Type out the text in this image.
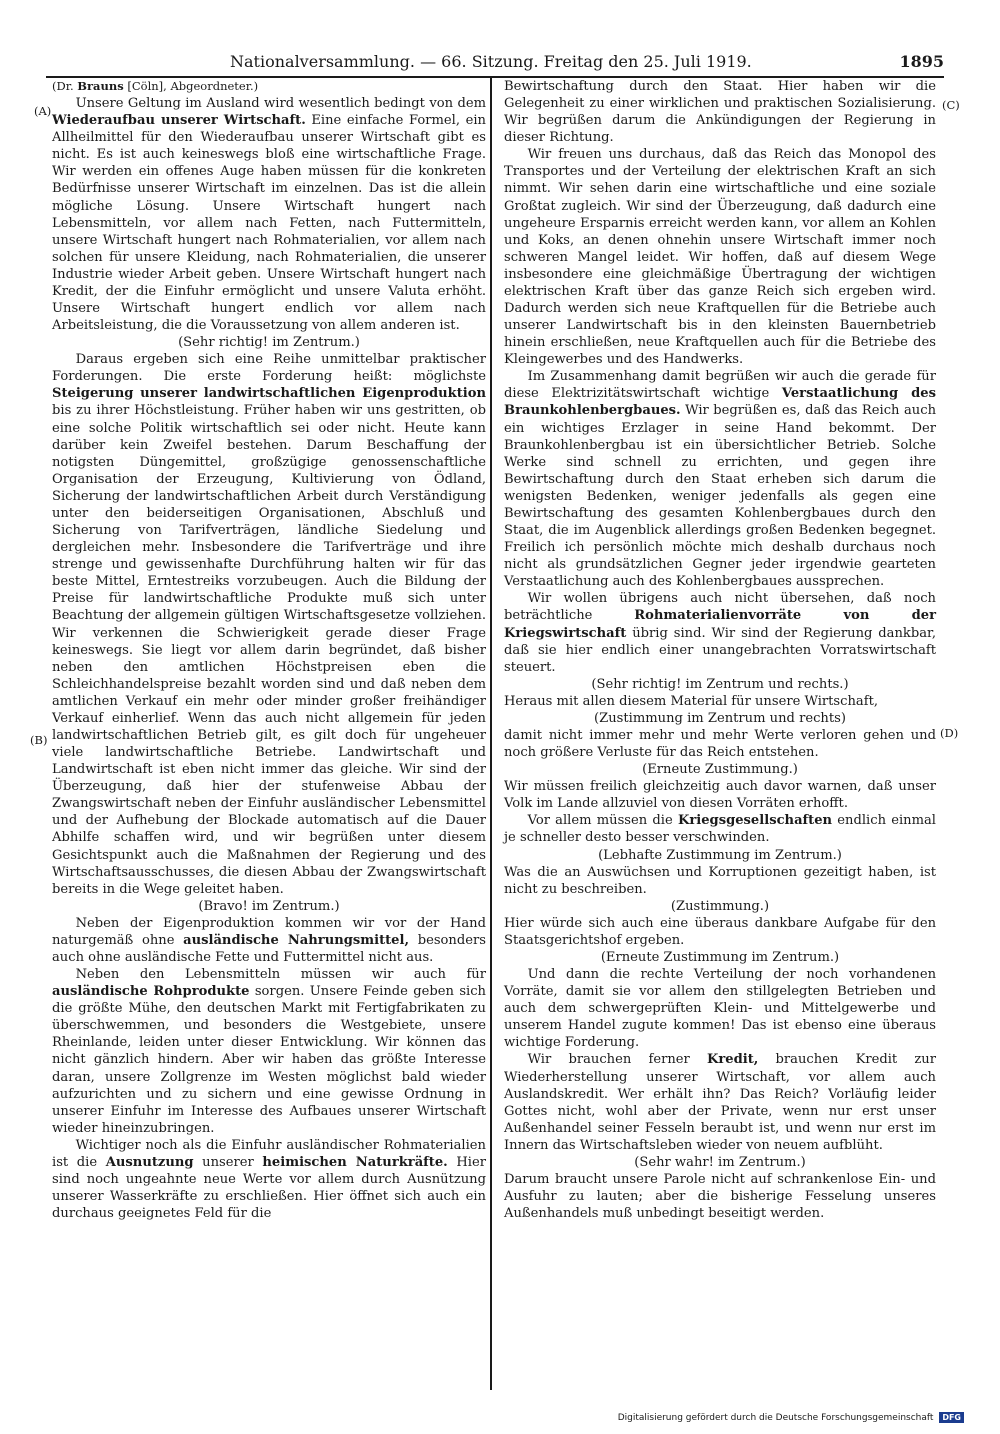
Nationalversammlung. — 66. Sitzung. Freitag den 25. Juli 1919.	1895
(A)
(B)
(C)
(D)

(Dr. Brauns [Cöln], Abgeordneter.)

Unsere Geltung im Ausland wird wesentlich bedingt von dem Wiederaufbau unserer Wirtschaft. Eine einfache Formel, ein Allheilmittel für den Wiederaufbau unserer Wirtschaft gibt es nicht. Es ist auch keineswegs bloß eine wirtschaftliche Frage. Wir werden ein offenes Auge haben müssen für die konkreten Bedürfnisse unserer Wirtschaft im einzelnen. Das ist die allein mögliche Lösung. Unsere Wirtschaft hungert nach Lebensmitteln, vor allem nach Fetten, nach Futtermitteln, unsere Wirtschaft hungert nach Rohmaterialien, vor allem nach solchen für unsere Kleidung, nach Rohmaterialien, die unserer Industrie wieder Arbeit geben. Unsere Wirtschaft hungert nach Kredit, der die Einfuhr ermöglicht und unsere Valuta erhöht. Unsere Wirtschaft hungert endlich vor allem nach Arbeitsleistung, die die Voraussetzung von allem anderen ist.

(Sehr richtig! im Zentrum.)

Daraus ergeben sich eine Reihe unmittelbar praktischer Forderungen. Die erste Forderung heißt: möglichste Steigerung unserer landwirtschaftlichen Eigenproduktion bis zu ihrer Höchstleistung. Früher haben wir uns gestritten, ob eine solche Politik wirtschaftlich sei oder nicht. Heute kann darüber kein Zweifel bestehen. Darum Beschaffung der notigsten Düngemittel, großzügige genossenschaftliche Organisation der Erzeugung, Kultivierung von Ödland, Sicherung der landwirtschaftlichen Arbeit durch Verständigung unter den beiderseitigen Organisationen, Abschluß und Sicherung von Tarifverträgen, ländliche Siedelung und dergleichen mehr. Insbesondere die Tarifverträge und ihre strenge und gewissenhafte Durchführung halten wir für das beste Mittel, Erntestreiks vorzubeugen. Auch die Bildung der Preise für landwirtschaftliche Produkte muß sich unter Beachtung der allgemein gültigen Wirtschaftsgesetze vollziehen. Wir verkennen die Schwierigkeit gerade dieser Frage keineswegs. Sie liegt vor allem darin begründet, daß bisher neben den amtlichen Höchstpreisen eben die Schleichhandelspreise bezahlt worden sind und daß neben dem amtlichen Verkauf ein mehr oder minder großer freihändiger Verkauf einherlief. Wenn das auch nicht allgemein für jeden landwirtschaftlichen Betrieb gilt, es gilt doch für ungeheuer viele landwirtschaftliche Betriebe. Landwirtschaft und Landwirtschaft ist eben nicht immer das gleiche. Wir sind der Überzeugung, daß hier der stufenweise Abbau der Zwangswirtschaft neben der Einfuhr ausländischer Lebensmittel und der Aufhebung der Blockade automatisch auf die Dauer Abhilfe schaffen wird, und wir begrüßen unter diesem Gesichtspunkt auch die Maßnahmen der Regierung und des Wirtschaftsausschusses, die diesen Abbau der Zwangswirtschaft bereits in die Wege geleitet haben.

(Bravo! im Zentrum.)

Neben der Eigenproduktion kommen wir vor der Hand naturgemäß ohne ausländische Nahrungsmittel, besonders auch ohne ausländische Fette und Futtermittel nicht aus.

Neben den Lebensmitteln müssen wir auch für ausländische Rohprodukte sorgen. Unsere Feinde geben sich die größte Mühe, den deutschen Markt mit Fertigfabrikaten zu überschwemmen, und besonders die Westgebiete, unsere Rheinlande, leiden unter dieser Entwicklung. Wir können das nicht gänzlich hindern. Aber wir haben das größte Interesse daran, unsere Zollgrenze im Westen möglichst bald wieder aufzurichten und zu sichern und eine gewisse Ordnung in unserer Einfuhr im Interesse des Aufbaues unserer Wirtschaft wieder hineinzubringen.

Wichtiger noch als die Einfuhr ausländischer Rohmaterialien ist die Ausnutzung unserer heimischen Naturkräfte. Hier sind noch ungeahnte neue Werte vor allem durch Ausnützung unserer Wasserkräfte zu erschließen. Hier öffnet sich auch ein durchaus geeignetes Feld für die

Bewirtschaftung durch den Staat. Hier haben wir die Gelegenheit zu einer wirklichen und praktischen Sozialisierung. Wir begrüßen darum die Ankündigungen der Regierung in dieser Richtung.

Wir freuen uns durchaus, daß das Reich das Monopol des Transportes und der Verteilung der elektrischen Kraft an sich nimmt. Wir sehen darin eine wirtschaftliche und eine soziale Großtat zugleich. Wir sind der Überzeugung, daß dadurch eine ungeheure Ersparnis erreicht werden kann, vor allem an Kohlen und Koks, an denen ohnehin unsere Wirtschaft immer noch schweren Mangel leidet. Wir hoffen, daß auf diesem Wege insbesondere eine gleichmäßige Übertragung der wichtigen elektrischen Kraft über das ganze Reich sich ergeben wird. Dadurch werden sich neue Kraftquellen für die Betriebe auch unserer Landwirtschaft bis in den kleinsten Bauernbetrieb hinein erschließen, neue Kraftquellen auch für die Betriebe des Kleingewerbes und des Handwerks.

Im Zusammenhang damit begrüßen wir auch die gerade für diese Elektrizitätswirtschaft wichtige Verstaatlichung des Braunkohlenbergbaues. Wir begrüßen es, daß das Reich auch ein wichtiges Erzlager in seine Hand bekommt. Der Braunkohlenbergbau ist ein übersichtlicher Betrieb. Solche Werke sind schnell zu errichten, und gegen ihre Bewirtschaftung durch den Staat erheben sich darum die wenigsten Bedenken, weniger jedenfalls als gegen eine Bewirtschaftung des gesamten Kohlenbergbaues durch den Staat, die im Augenblick allerdings großen Bedenken begegnet. Freilich ich persönlich möchte mich deshalb durchaus noch nicht als grundsätzlichen Gegner jeder irgendwie gearteten Verstaatlichung auch des Kohlenbergbaues aussprechen.

Wir wollen übrigens auch nicht übersehen, daß noch beträchtliche Rohmaterialienvorräte von der Kriegswirtschaft übrig sind. Wir sind der Regierung dankbar, daß sie hier endlich einer unangebrachten Vorratswirtschaft steuert.

(Sehr richtig! im Zentrum und rechts.)

Heraus mit allen diesem Material für unsere Wirtschaft,

(Zustimmung im Zentrum und rechts)

damit nicht immer mehr und mehr Werte verloren gehen und noch größere Verluste für das Reich entstehen.

(Erneute Zustimmung.)

Wir müssen freilich gleichzeitig auch davor warnen, daß unser Volk im Lande allzuviel von diesen Vorräten erhofft.

Vor allem müssen die Kriegsgesellschaften endlich einmal je schneller desto besser verschwinden.

(Lebhafte Zustimmung im Zentrum.)

Was die an Auswüchsen und Korruptionen gezeitigt haben, ist nicht zu beschreiben.

(Zustimmung.)

Hier würde sich auch eine überaus dankbare Aufgabe für den Staatsgerichtshof ergeben.

(Erneute Zustimmung im Zentrum.)

Und dann die rechte Verteilung der noch vorhandenen Vorräte, damit sie vor allem den stillgelegten Betrieben und auch dem schwergeprüften Klein- und Mittelgewerbe und unserem Handel zugute kommen! Das ist ebenso eine überaus wichtige Forderung.

Wir brauchen ferner Kredit, brauchen Kredit zur Wiederherstellung unserer Wirtschaft, vor allem auch Auslandskredit. Wer erhält ihn? Das Reich? Vorläufig leider Gottes nicht, wohl aber der Private, wenn nur erst unser Außenhandel seiner Fesseln beraubt ist, und wenn nur erst im Innern das Wirtschaftsleben wieder von neuem aufblüht.

(Sehr wahr! im Zentrum.)

Darum braucht unsere Parole nicht auf schrankenlose Ein- und Ausfuhr zu lauten; aber die bisherige Fesselung unseres Außenhandels muß unbedingt beseitigt werden.

Digitalisierung gefördert durch die Deutsche Forschungsgemeinschaft DFG
